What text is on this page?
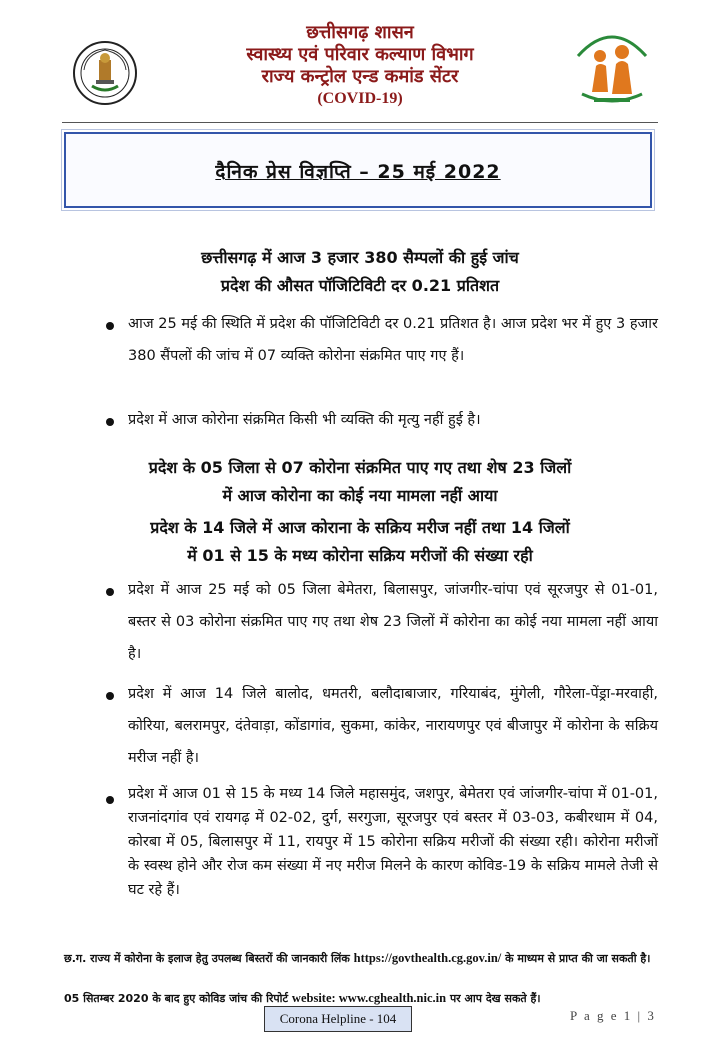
छत्तीसगढ़ शासन
स्वास्थ्य एवं परिवार कल्याण विभाग
राज्य कन्ट्रोल एन्ड कमांड सेंटर
(COVID-19)
दैनिक प्रेस विज्ञप्ति – 25 मई 2022
छत्तीसगढ़ में आज 3 हजार 380 सैम्पलों की हुई जांच
प्रदेश की औसत पॉजिटिविटी दर 0.21 प्रतिशत
आज 25 मई की स्थिति में प्रदेश की पॉजिटिविटी दर 0.21 प्रतिशत है। आज प्रदेश भर में हुए 3 हजार 380 सैंपलों की जांच में 07 व्यक्ति कोरोना संक्रमित पाए गए हैं।
प्रदेश में आज कोरोना संक्रमित किसी भी व्यक्ति की मृत्यु नहीं हुई है।
प्रदेश के 05 जिला से 07 कोरोना संक्रमित पाए गए तथा शेष 23 जिलों
में आज कोरोना का कोई नया मामला नहीं आया
प्रदेश के 14 जिले में आज कोराना के सक्रिय मरीज नहीं तथा 14 जिलों
में 01 से 15 के मध्य कोरोना सक्रिय मरीजों की संख्या रही
प्रदेश में आज 25 मई को 05 जिला बेमेतरा, बिलासपुर, जांजगीर-चांपा एवं सूरजपुर से 01-01, बस्तर से 03 कोरोना संक्रमित पाए गए तथा शेष 23 जिलों में कोरोना का कोई नया मामला नहीं आया है।
प्रदेश में आज 14 जिले बालोद, धमतरी, बलौदाबाजार, गरियाबंद, मुंगेली, गौरेला-पेंड्रा-मरवाही, कोरिया, बलरामपुर, दंतेवाड़ा, कोंडागांव, सुकमा, कांकेर, नारायणपुर एवं बीजापुर में कोरोना के सक्रिय मरीज नहीं है।
प्रदेश में आज 01 से 15 के मध्य 14 जिले महासमुंद, जशपुर, बेमेतरा एवं जांजगीर-चांपा में 01-01, राजनांदगांव एवं रायगढ़ में 02-02, दुर्ग, सरगुजा, सूरजपुर एवं बस्तर में 03-03, कबीरधाम में 04, कोरबा में 05, बिलासपुर में 11, रायपुर में 15 कोरोना सक्रिय मरीजों की संख्या रही। कोरोना मरीजों के स्वस्थ होने और रोज कम संख्या में नए मरीज मिलने के कारण कोविड-19 के सक्रिय मामले तेजी से घट रहे हैं।
छ.ग. राज्य में कोरोना के इलाज हेतु उपलब्ध बिस्तरों की जानकारी लिंक https://govthealth.cg.gov.in/ के माध्यम से प्राप्त की जा सकती है।
05 सितम्बर 2020 के बाद हुए कोविड जांच की रिपोर्ट website: www.cghealth.nic.in पर आप देख सकते हैं।
Corona Helpline - 104	P a g e 1 | 3
